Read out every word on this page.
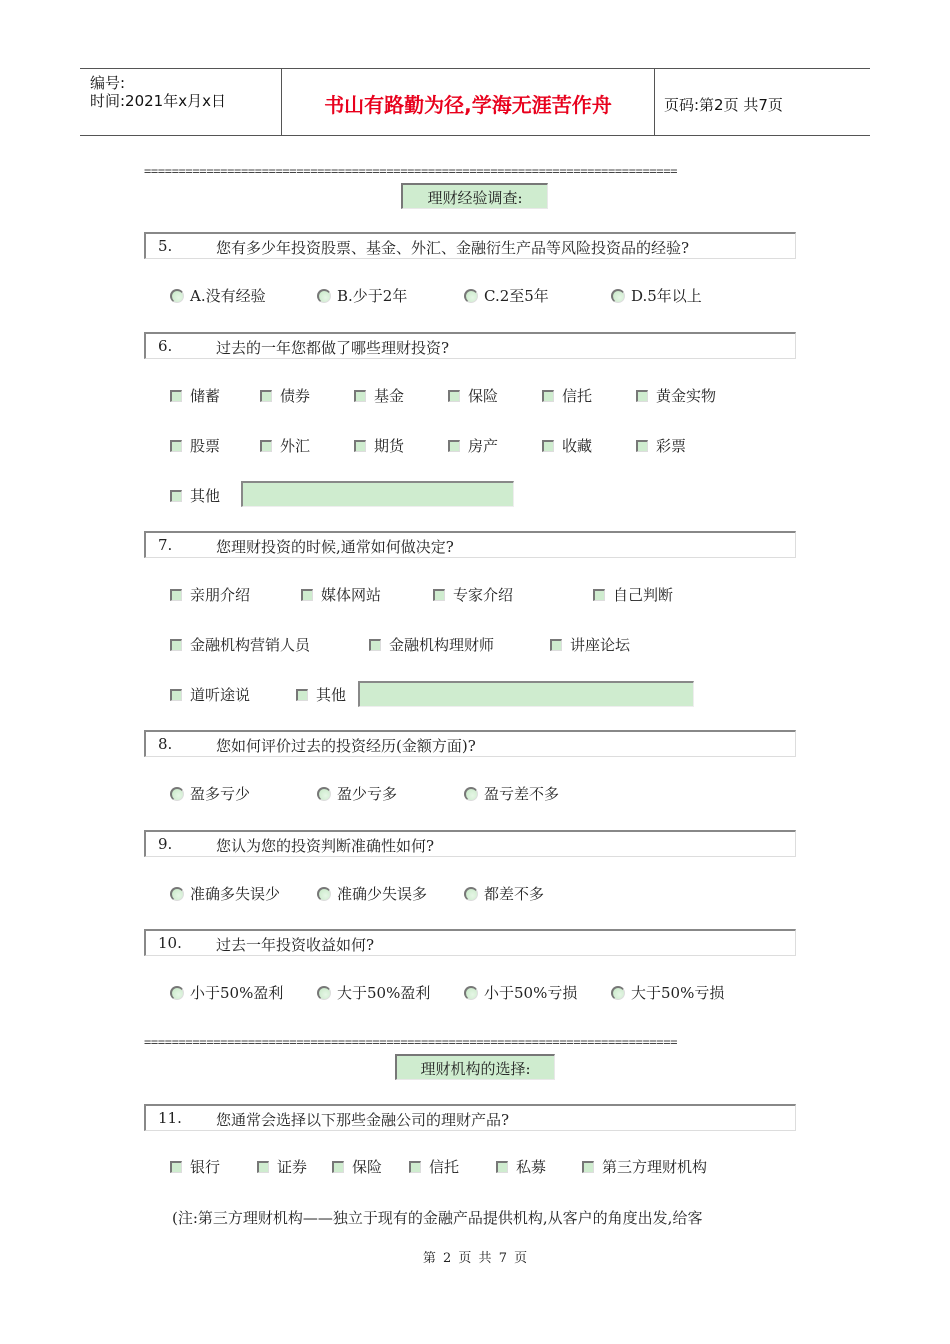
编号:
时间:2021年x月x日	书山有路勤为径,学海无涯苦作舟	页码:第2页 共7页
=============================================================================
理财经验调查:
5.	您有多少年投资股票、基金、外汇、金融衍生产品等风险投资品的经验?
A.没有经验	B.少于2年	C.2至5年	D.5年以上
6.	过去的一年您都做了哪些理财投资?
储蓄	债券	基金	保险	信托	黄金实物
股票	外汇	期货	房产	收藏	彩票
其他
7.	您理财投资的时候,通常如何做决定?
亲朋介绍	媒体网站	专家介绍	自己判断
金融机构营销人员	金融机构理财师	讲座论坛
道听途说	其他
8.	您如何评价过去的投资经历(金额方面)?
盈多亏少	盈少亏多	盈亏差不多
9.	您认为您的投资判断准确性如何?
准确多失误少	准确少失误多	都差不多
10. 过去一年投资收益如何?
小于50%盈利	大于50%盈利	小于50%亏损	大于50%亏损
=============================================================================
理财机构的选择:
11. 您通常会选择以下那些金融公司的理财产品?
银行	证券	保险	信托	私募	第三方理财机构
(注:第三方理财机构——独立于现有的金融产品提供机构,从客户的角度出发,给客
第 2 页 共 7 页
